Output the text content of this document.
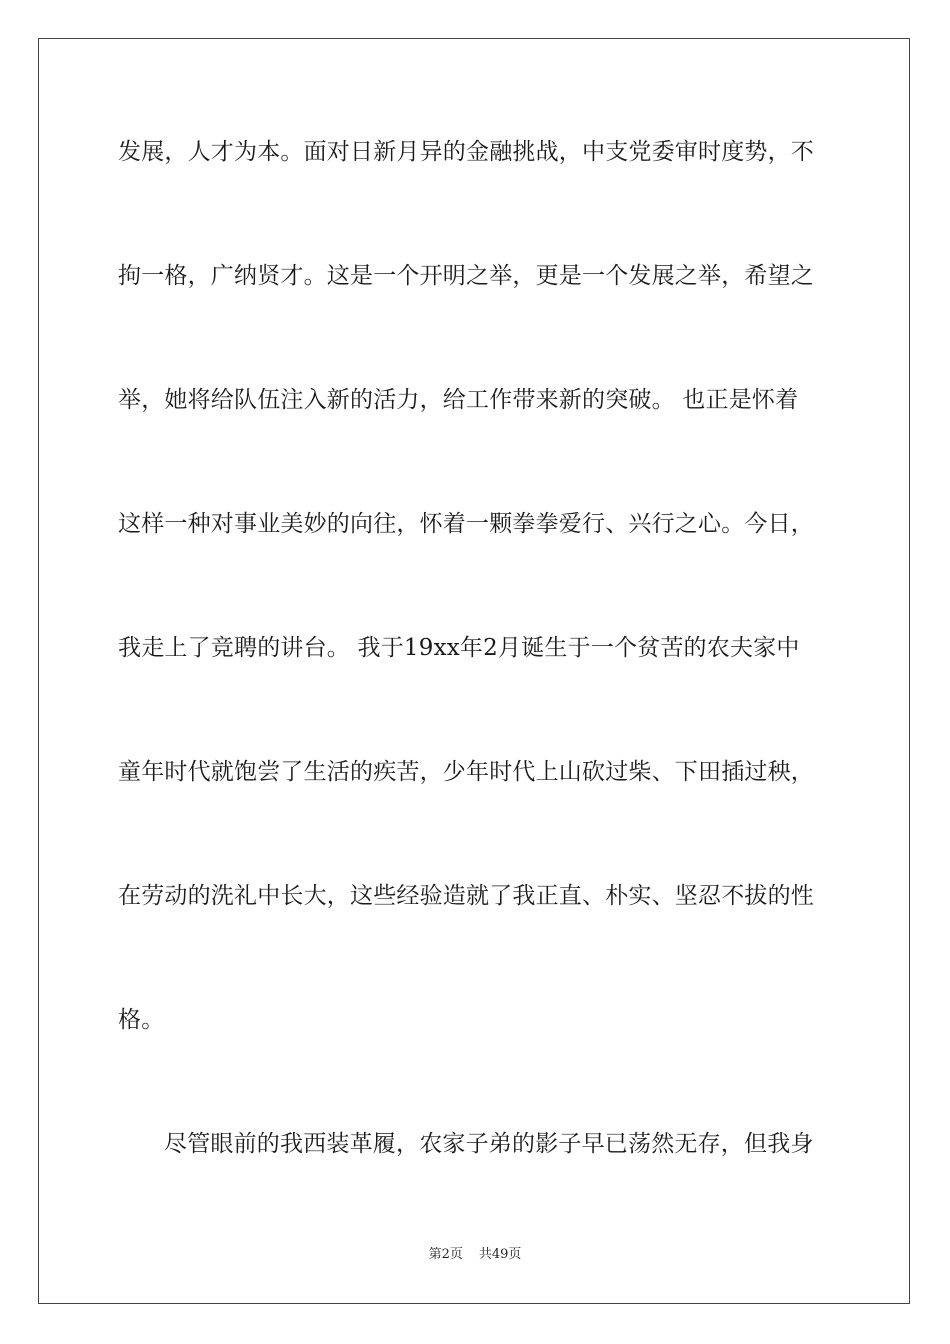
发展，人才为本。面对日新月异的金融挑战，中支党委审时度势，不
拘一格，广纳贤才。这是一个开明之举，更是一个发展之举，希望之
举，她将给队伍注入新的活力，给工作带来新的突破。 也正是怀着
这样一种对事业美妙的向往，怀着一颗拳拳爱行、兴行之心。今日，
我走上了竞聘的讲台。 我于19xx年2月诞生于一个贫苦的农夫家中
童年时代就饱尝了生活的疾苦，少年时代上山砍过柴、下田插过秧，
在劳动的洗礼中长大，这些经验造就了我正直、朴实、坚忍不拔的性
格。
尽管眼前的我西装革履，农家子弟的影子早已荡然无存，但我身
第2页 共49页
